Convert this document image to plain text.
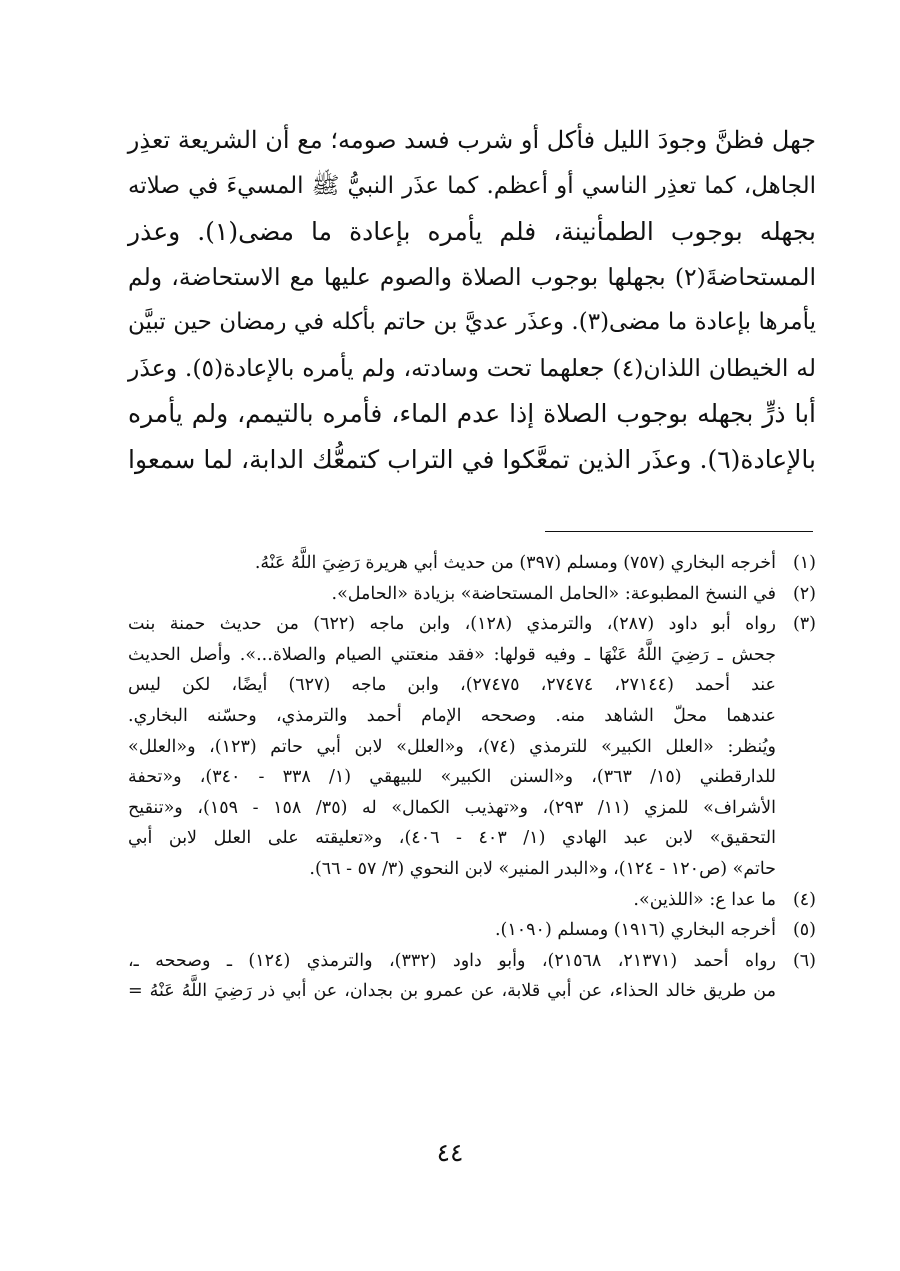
جهل فظنَّ وجودَ الليل فأكل أو شرب فسد صومه؛ مع أن الشريعة تعذِر
الجاهل، كما تعذِر الناسي أو أعظم. كما عذَر النبيُّ ﷺ المسيءَ في صلاته
بجهله بوجوب الطمأنينة، فلم يأمره بإعادة ما مضى(١). وعذر
المستحاضةَ(٢) بجهلها بوجوب الصلاة والصوم عليها مع الاستحاضة، ولم
يأمرها بإعادة ما مضى(٣). وعذَر عديَّ بن حاتم بأكله في رمضان حين تبيَّن
له الخيطان اللذان(٤) جعلهما تحت وسادته، ولم يأمره بالإعادة(٥). وعذَر
أبا ذرٍّ بجهله بوجوب الصلاة إذا عدم الماء، فأمره بالتيمم، ولم يأمره
بالإعادة(٦). وعذَر الذين تمعَّكوا في التراب كتمعُّك الدابة، لما سمعوا
(١)
أخرجه البخاري (٧٥٧) ومسلم (٣٩٧) من حديث أبي هريرة رَضِيَ اللَّهُ عَنْهُ.
(٢)
في النسخ المطبوعة: «الحامل المستحاضة» بزيادة «الحامل».
(٣)
رواه أبو داود (٢٨٧)، والترمذي (١٢٨)، وابن ماجه (٦٢٢) من حديث حمنة بنت
جحش ـ رَضِيَ اللَّهُ عَنْهَا ـ وفيه قولها: «فقد منعتني الصيام والصلاة...». وأصل الحديث
عند أحمد (٢٧١٤٤، ٢٧٤٧٤، ٢٧٤٧٥)، وابن ماجه (٦٢٧) أيضًا، لكن ليس
عندهما محلّ الشاهد منه. وصححه الإمام أحمد والترمذي، وحسّنه البخاري.
ويُنظر: «العلل الكبير» للترمذي (٧٤)، و«العلل» لابن أبي حاتم (١٢٣)، و«العلل»
للدارقطني (١٥/ ٣٦٣)، و«السنن الكبير» للبيهقي (١/ ٣٣٨ - ٣٤٠)، و«تحفة
الأشراف» للمزي (١١/ ٢٩٣)، و«تهذيب الكمال» له (٣٥/ ١٥٨ - ١٥٩)، و«تنقيح
التحقيق» لابن عبد الهادي (١/ ٤٠٣ - ٤٠٦)، و«تعليقته على العلل لابن أبي
حاتم» (ص١٢٠ - ١٢٤)، و«البدر المنير» لابن النحوي (٣/ ٥٧ - ٦٦).
(٤)
ما عدا ع: «اللذين».
(٥)
أخرجه البخاري (١٩١٦) ومسلم (١٠٩٠).
(٦)
رواه أحمد (٢١٣٧١، ٢١٥٦٨)، وأبو داود (٣٣٢)، والترمذي (١٢٤) ـ وصححه ـ،
من طريق خالد الحذاء، عن أبي قلابة، عن عمرو بن بجدان، عن أبي ذر رَضِيَ اللَّهُ عَنْهُ =
٤٤
